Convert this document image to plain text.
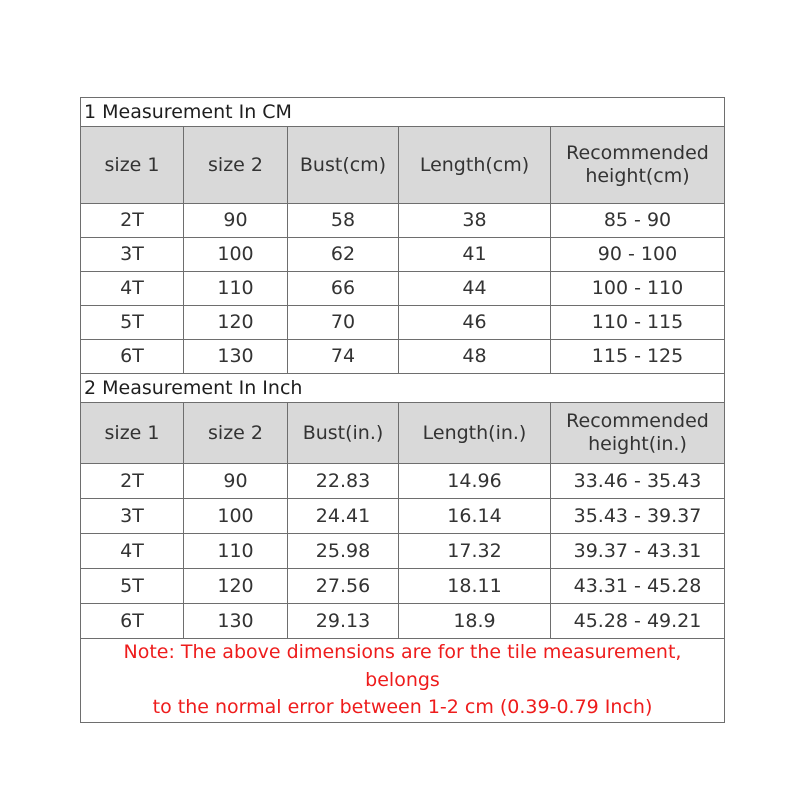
1 Measurement In CM				
size 1	size 2	Bust(cm)	Length(cm)	Recommended height(cm)
2T	90	58	38	85 - 90
3T	100	62	41	90 - 100
4T	110	66	44	100 - 110
5T	120	70	46	110 - 115
6T	130	74	48	115 - 125
2 Measurement In Inch				
size 1	size 2	Bust(in.)	Length(in.)	Recommended height(in.)
2T	90	22.83	14.96	33.46 - 35.43
3T	100	24.41	16.14	35.43 - 39.37
4T	110	25.98	17.32	39.37 - 43.31
5T	120	27.56	18.11	43.31 - 45.28
6T	130	29.13	18.9	45.28 - 49.21

Note: The above dimensions are for the tile measurement, belongs
to the normal error between 1-2 cm (0.39-0.79 Inch)				
